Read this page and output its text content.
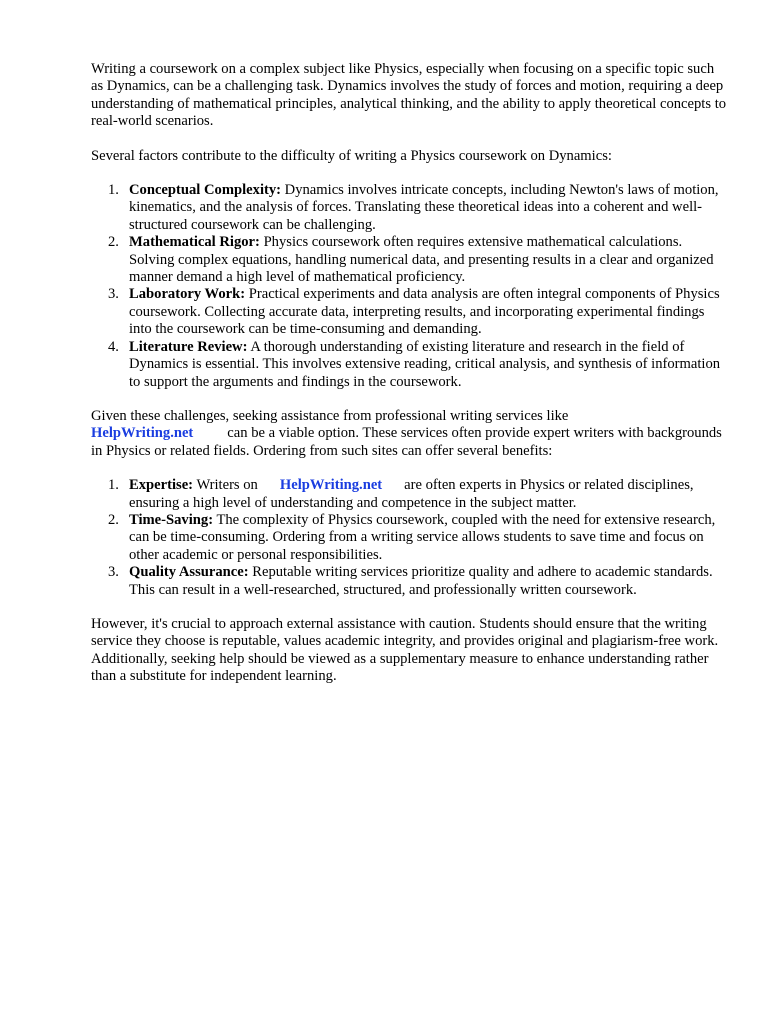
Writing a coursework on a complex subject like Physics, especially when focusing on a specific topic such as Dynamics, can be a challenging task. Dynamics involves the study of forces and motion, requiring a deep understanding of mathematical principles, analytical thinking, and the ability to apply theoretical concepts to real-world scenarios.

Several factors contribute to the difficulty of writing a Physics coursework on Dynamics:

1. Conceptual Complexity: Dynamics involves intricate concepts, including Newton's laws of motion, kinematics, and the analysis of forces. Translating these theoretical ideas into a coherent and well-structured coursework can be challenging.
2. Mathematical Rigor: Physics coursework often requires extensive mathematical calculations. Solving complex equations, handling numerical data, and presenting results in a clear and organized manner demand a high level of mathematical proficiency.
3. Laboratory Work: Practical experiments and data analysis are often integral components of Physics coursework. Collecting accurate data, interpreting results, and incorporating experimental findings into the coursework can be time-consuming and demanding.
4. Literature Review: A thorough understanding of existing literature and research in the field of Dynamics is essential. This involves extensive reading, critical analysis, and synthesis of information to support the arguments and findings in the coursework.

Given these challenges, seeking assistance from professional writing services like
HelpWriting.net can be a viable option. These services often provide expert writers with backgrounds in Physics or related fields. Ordering from such sites can offer several benefits:

1. Expertise: Writers on HelpWriting.net are often experts in Physics or related disciplines, ensuring a high level of understanding and competence in the subject matter.
2. Time-Saving: The complexity of Physics coursework, coupled with the need for extensive research, can be time-consuming. Ordering from a writing service allows students to save time and focus on other academic or personal responsibilities.
3. Quality Assurance: Reputable writing services prioritize quality and adhere to academic standards. This can result in a well-researched, structured, and professionally written coursework.

However, it's crucial to approach external assistance with caution. Students should ensure that the writing service they choose is reputable, values academic integrity, and provides original and plagiarism-free work. Additionally, seeking help should be viewed as a supplementary measure to enhance understanding rather than a substitute for independent learning.
